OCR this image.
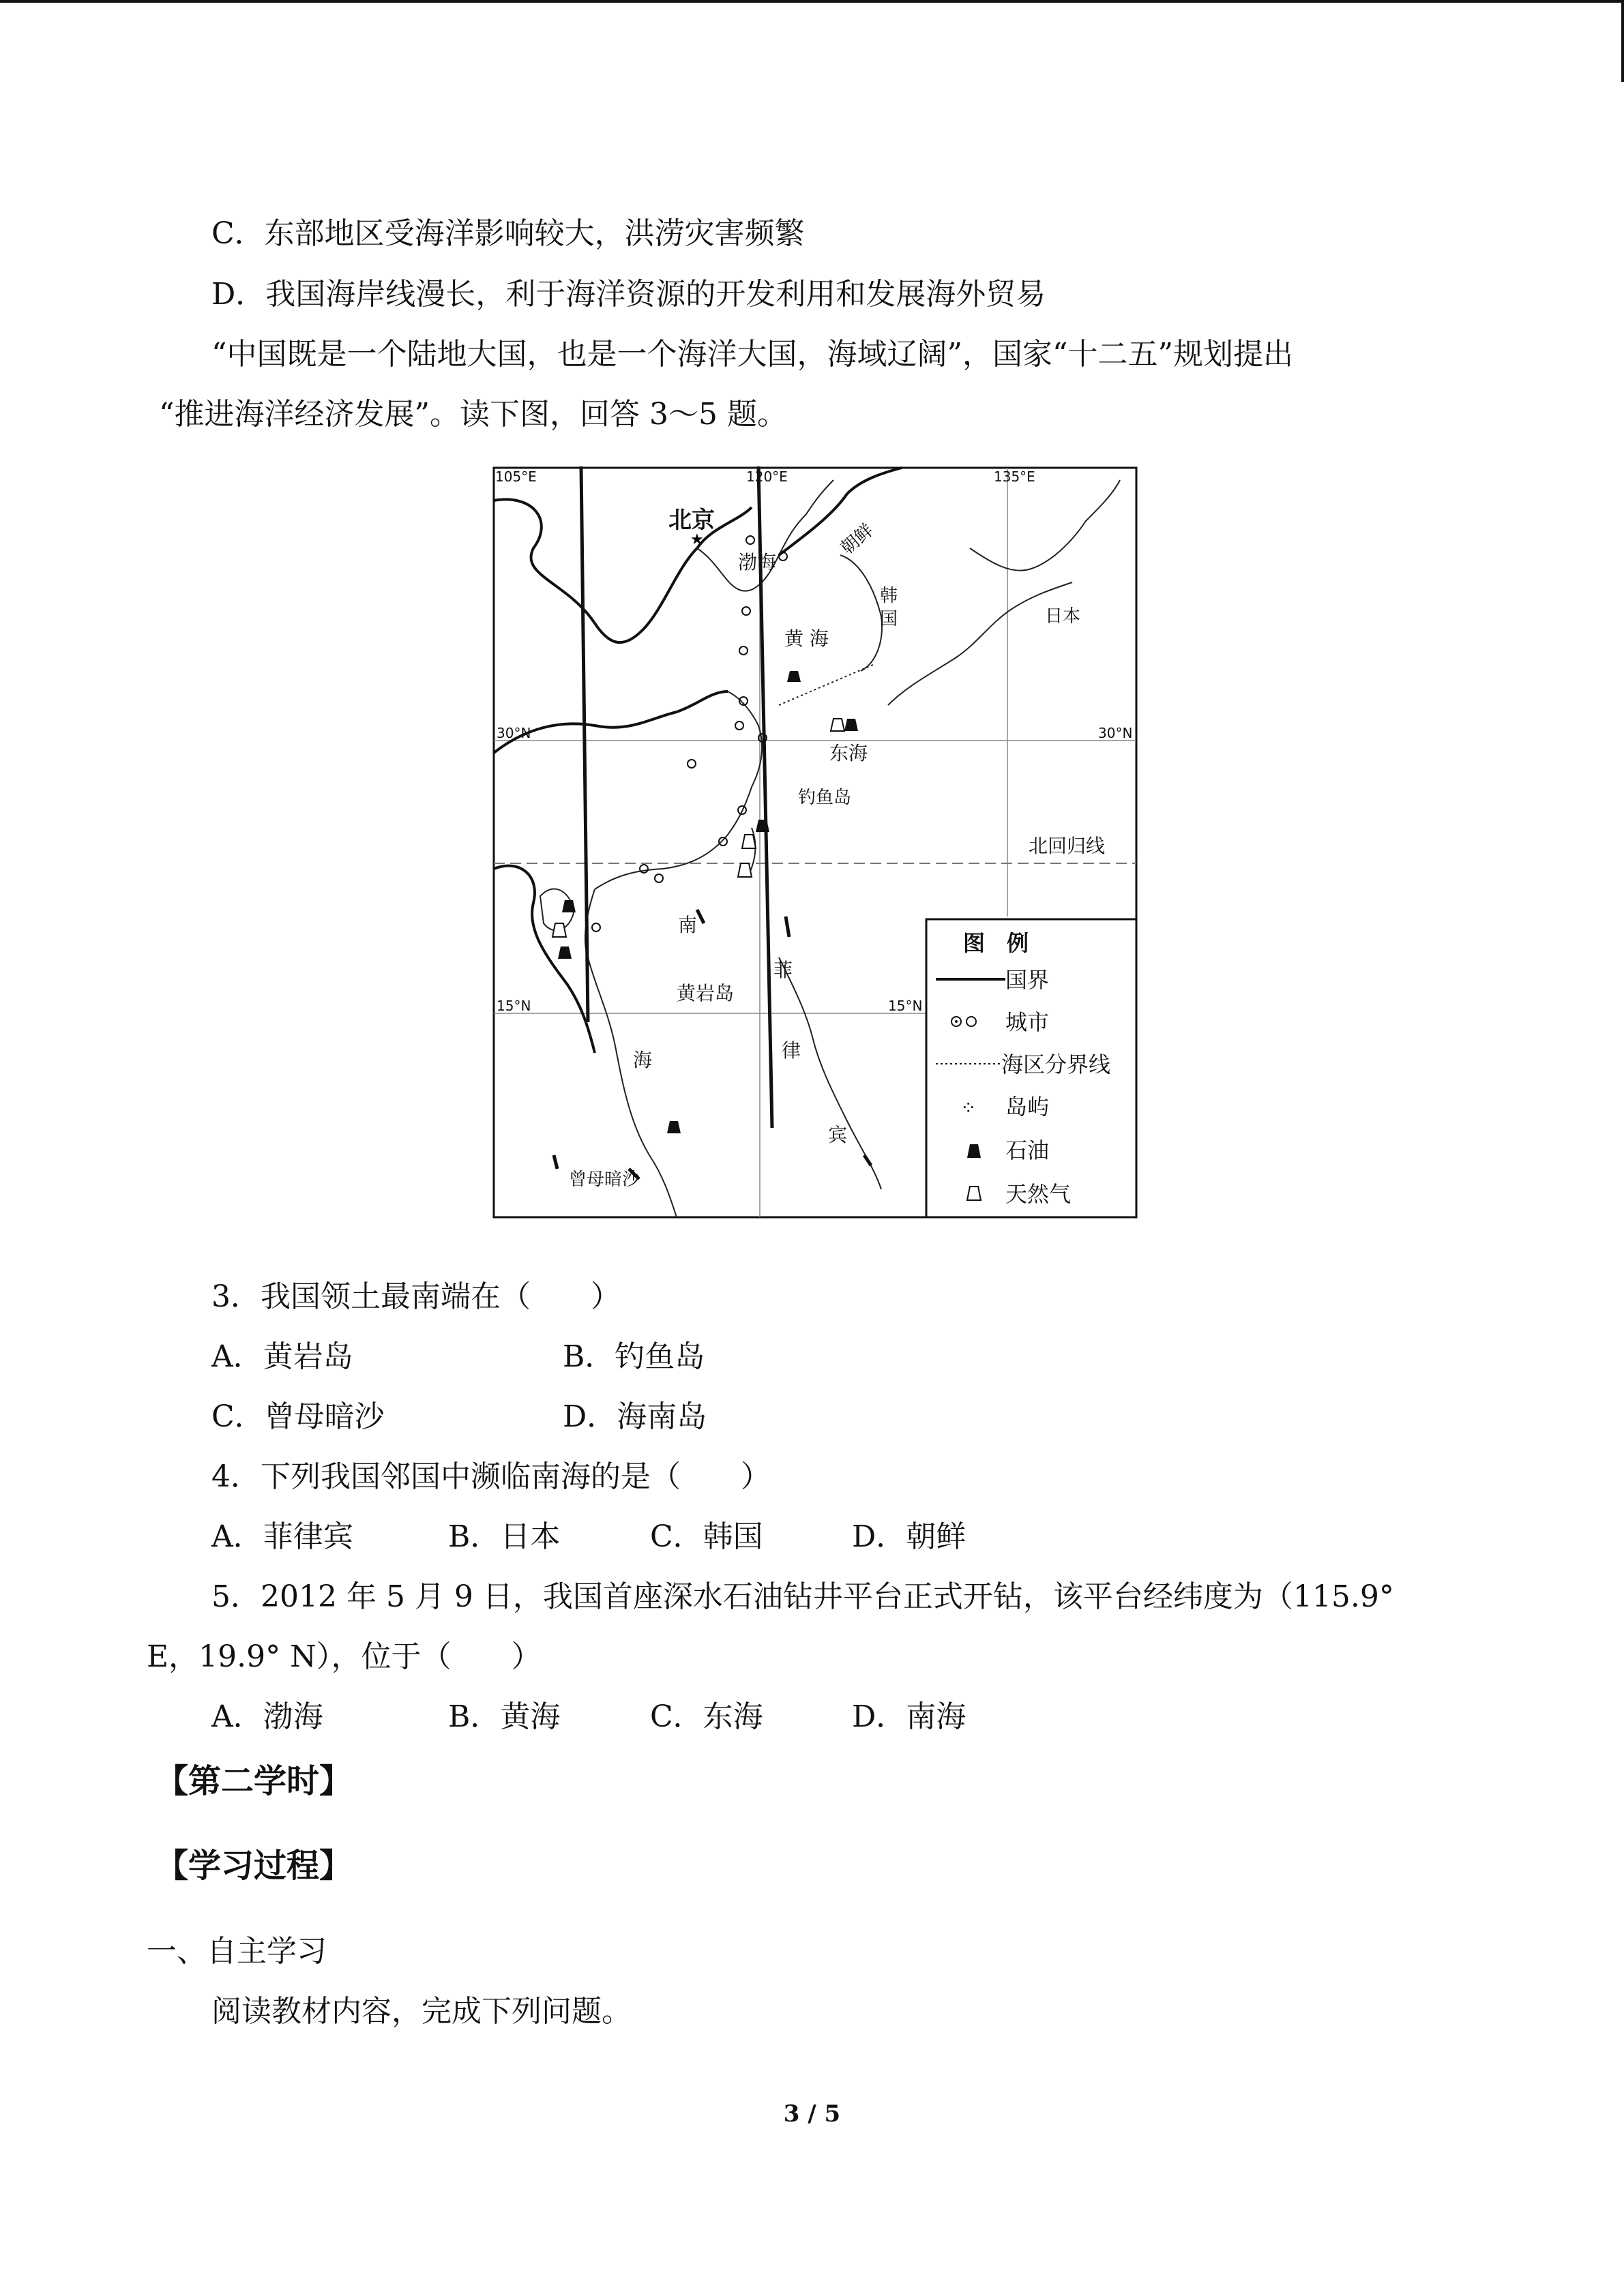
C．东部地区受海洋影响较大，洪涝灾害频繁
D．我国海岸线漫长，利于海洋资源的开发利用和发展海外贸易
“中国既是一个陆地大国，也是一个海洋大国，海域辽阔”，国家“十二五”规划提出
“推进海洋经济发展”。读下图，回答 3～5 题。
105°E	120°E	135°E
30°N
15°N
30°N
15°N
北京
★
渤海
黄 海
东海
朝鲜
韩
国	日本
钓鱼岛
北回归线
南
海
黄岩岛
菲
律
宾
曾母暗沙
图　例
国界
城市
海区分界线
⁘ 岛屿
石油
天然气
3．我国领土最南端在（　　）
A．黄岩岛	B．钓鱼岛
C．曾母暗沙	D．海南岛
4．下列我国邻国中濒临南海的是（　　）
A．菲律宾	B．日本	C．韩国	D．朝鲜
5．2012 年 5 月 9 日，我国首座深水石油钻井平台正式开钻，该平台经纬度为（115.9°
E，19.9° N），位于（　　）
A．渤海	B．黄海	C．东海	D．南海
【第二学时】
【学习过程】
一、自主学习
阅读教材内容，完成下列问题。
3 / 5
